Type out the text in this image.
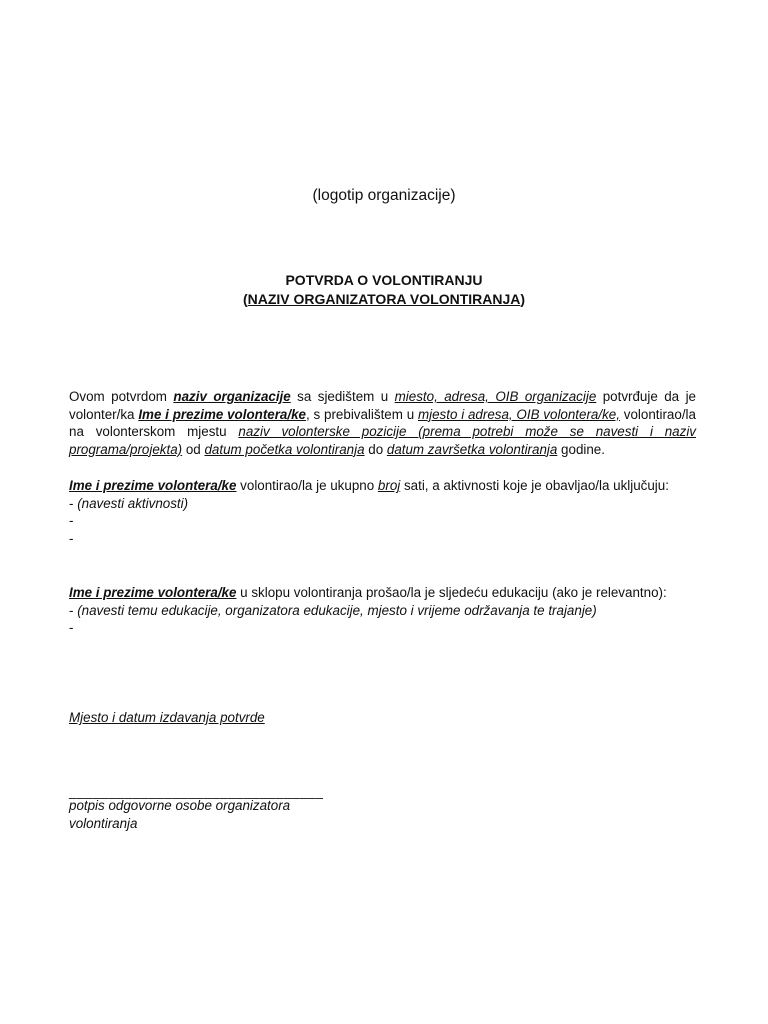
(logotip organizacije)
POTVRDA O VOLONTIRANJU
(NAZIV ORGANIZATORA VOLONTIRANJA)

Ovom potvrdom naziv organizacije sa sjedištem u miesto, adresa, OIB organizacije potvrđuje da je volonter/ka Ime i prezime volontera/ke, s prebivalištem u mjesto i adresa, OIB volontera/ke, volontirao/la na volonterskom mjestu naziv volonterske pozicije (prema potrebi može se navesti i naziv programa/projekta) od datum početka volontiranja do datum završetka volontiranja godine.

Ime i prezime volontera/ke volontirao/la je ukupno broj sati, a aktivnosti koje je obavljao/la uključuju:

- (navesti aktivnosti)

-

-

Ime i prezime volontera/ke u sklopu volontiranja prošao/la je sljedeću edukaciju (ako je relevantno):

- (navesti temu edukacije, organizatora edukacije, mjesto i vrijeme održavanja te trajanje)

-

Mjesto i datum izdavanja potvrde
________________________________
potpis odgovorne osobe organizatora volontiranja
